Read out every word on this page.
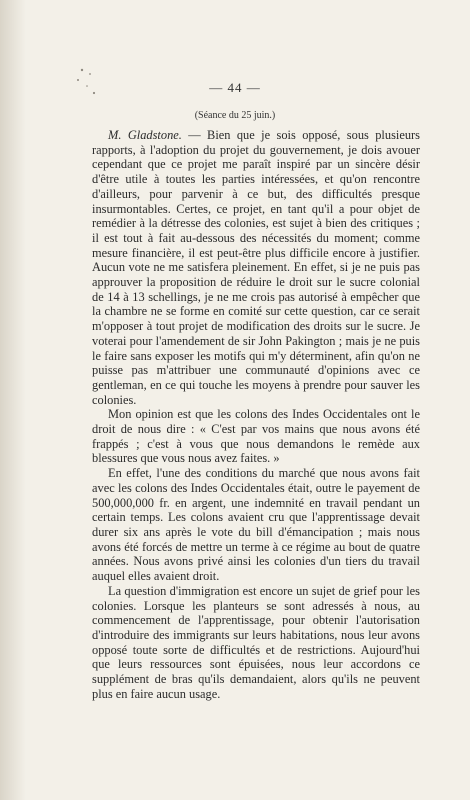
— 44 —
(Séance du 25 juin.)

M. Gladstone. — Bien que je sois opposé, sous plusieurs rapports, à l'adoption du projet du gouvernement, je dois avouer cependant que ce projet me paraît inspiré par un sincère désir d'être utile à toutes les parties intéressées, et qu'on rencontre d'ailleurs, pour parvenir à ce but, des difficultés presque insurmontables. Certes, ce projet, en tant qu'il a pour objet de remédier à la détresse des colonies, est sujet à bien des critiques ; il est tout à fait au-dessous des nécessités du moment; comme mesure financière, il est peut-être plus difficile encore à justifier. Aucun vote ne me satisfera pleinement. En effet, si je ne puis pas approuver la proposition de réduire le droit sur le sucre colonial de 14 à 13 schellings, je ne me crois pas autorisé à empêcher que la chambre ne se forme en comité sur cette question, car ce serait m'opposer à tout projet de modification des droits sur le sucre. Je voterai pour l'amendement de sir John Pakington ; mais je ne puis le faire sans exposer les motifs qui m'y déterminent, afin qu'on ne puisse pas m'attribuer une communauté d'opinions avec ce gentleman, en ce qui touche les moyens à prendre pour sauver les colonies.

Mon opinion est que les colons des Indes Occidentales ont le droit de nous dire : « C'est par vos mains que nous avons été frappés ; c'est à vous que nous demandons le remède aux blessures que vous nous avez faites. »

En effet, l'une des conditions du marché que nous avons fait avec les colons des Indes Occidentales était, outre le payement de 500,000,000 fr. en argent, une indemnité en travail pendant un certain temps. Les colons avaient cru que l'apprentissage devait durer six ans après le vote du bill d'émancipation ; mais nous avons été forcés de mettre un terme à ce régime au bout de quatre années. Nous avons privé ainsi les colonies d'un tiers du travail auquel elles avaient droit.

La question d'immigration est encore un sujet de grief pour les colonies. Lorsque les planteurs se sont adressés à nous, au commencement de l'apprentissage, pour obtenir l'autorisation d'introduire des immigrants sur leurs habitations, nous leur avons opposé toute sorte de difficultés et de restrictions. Aujourd'hui que leurs ressources sont épuisées, nous leur accordons ce supplément de bras qu'ils demandaient, alors qu'ils ne peuvent plus en faire aucun usage.
